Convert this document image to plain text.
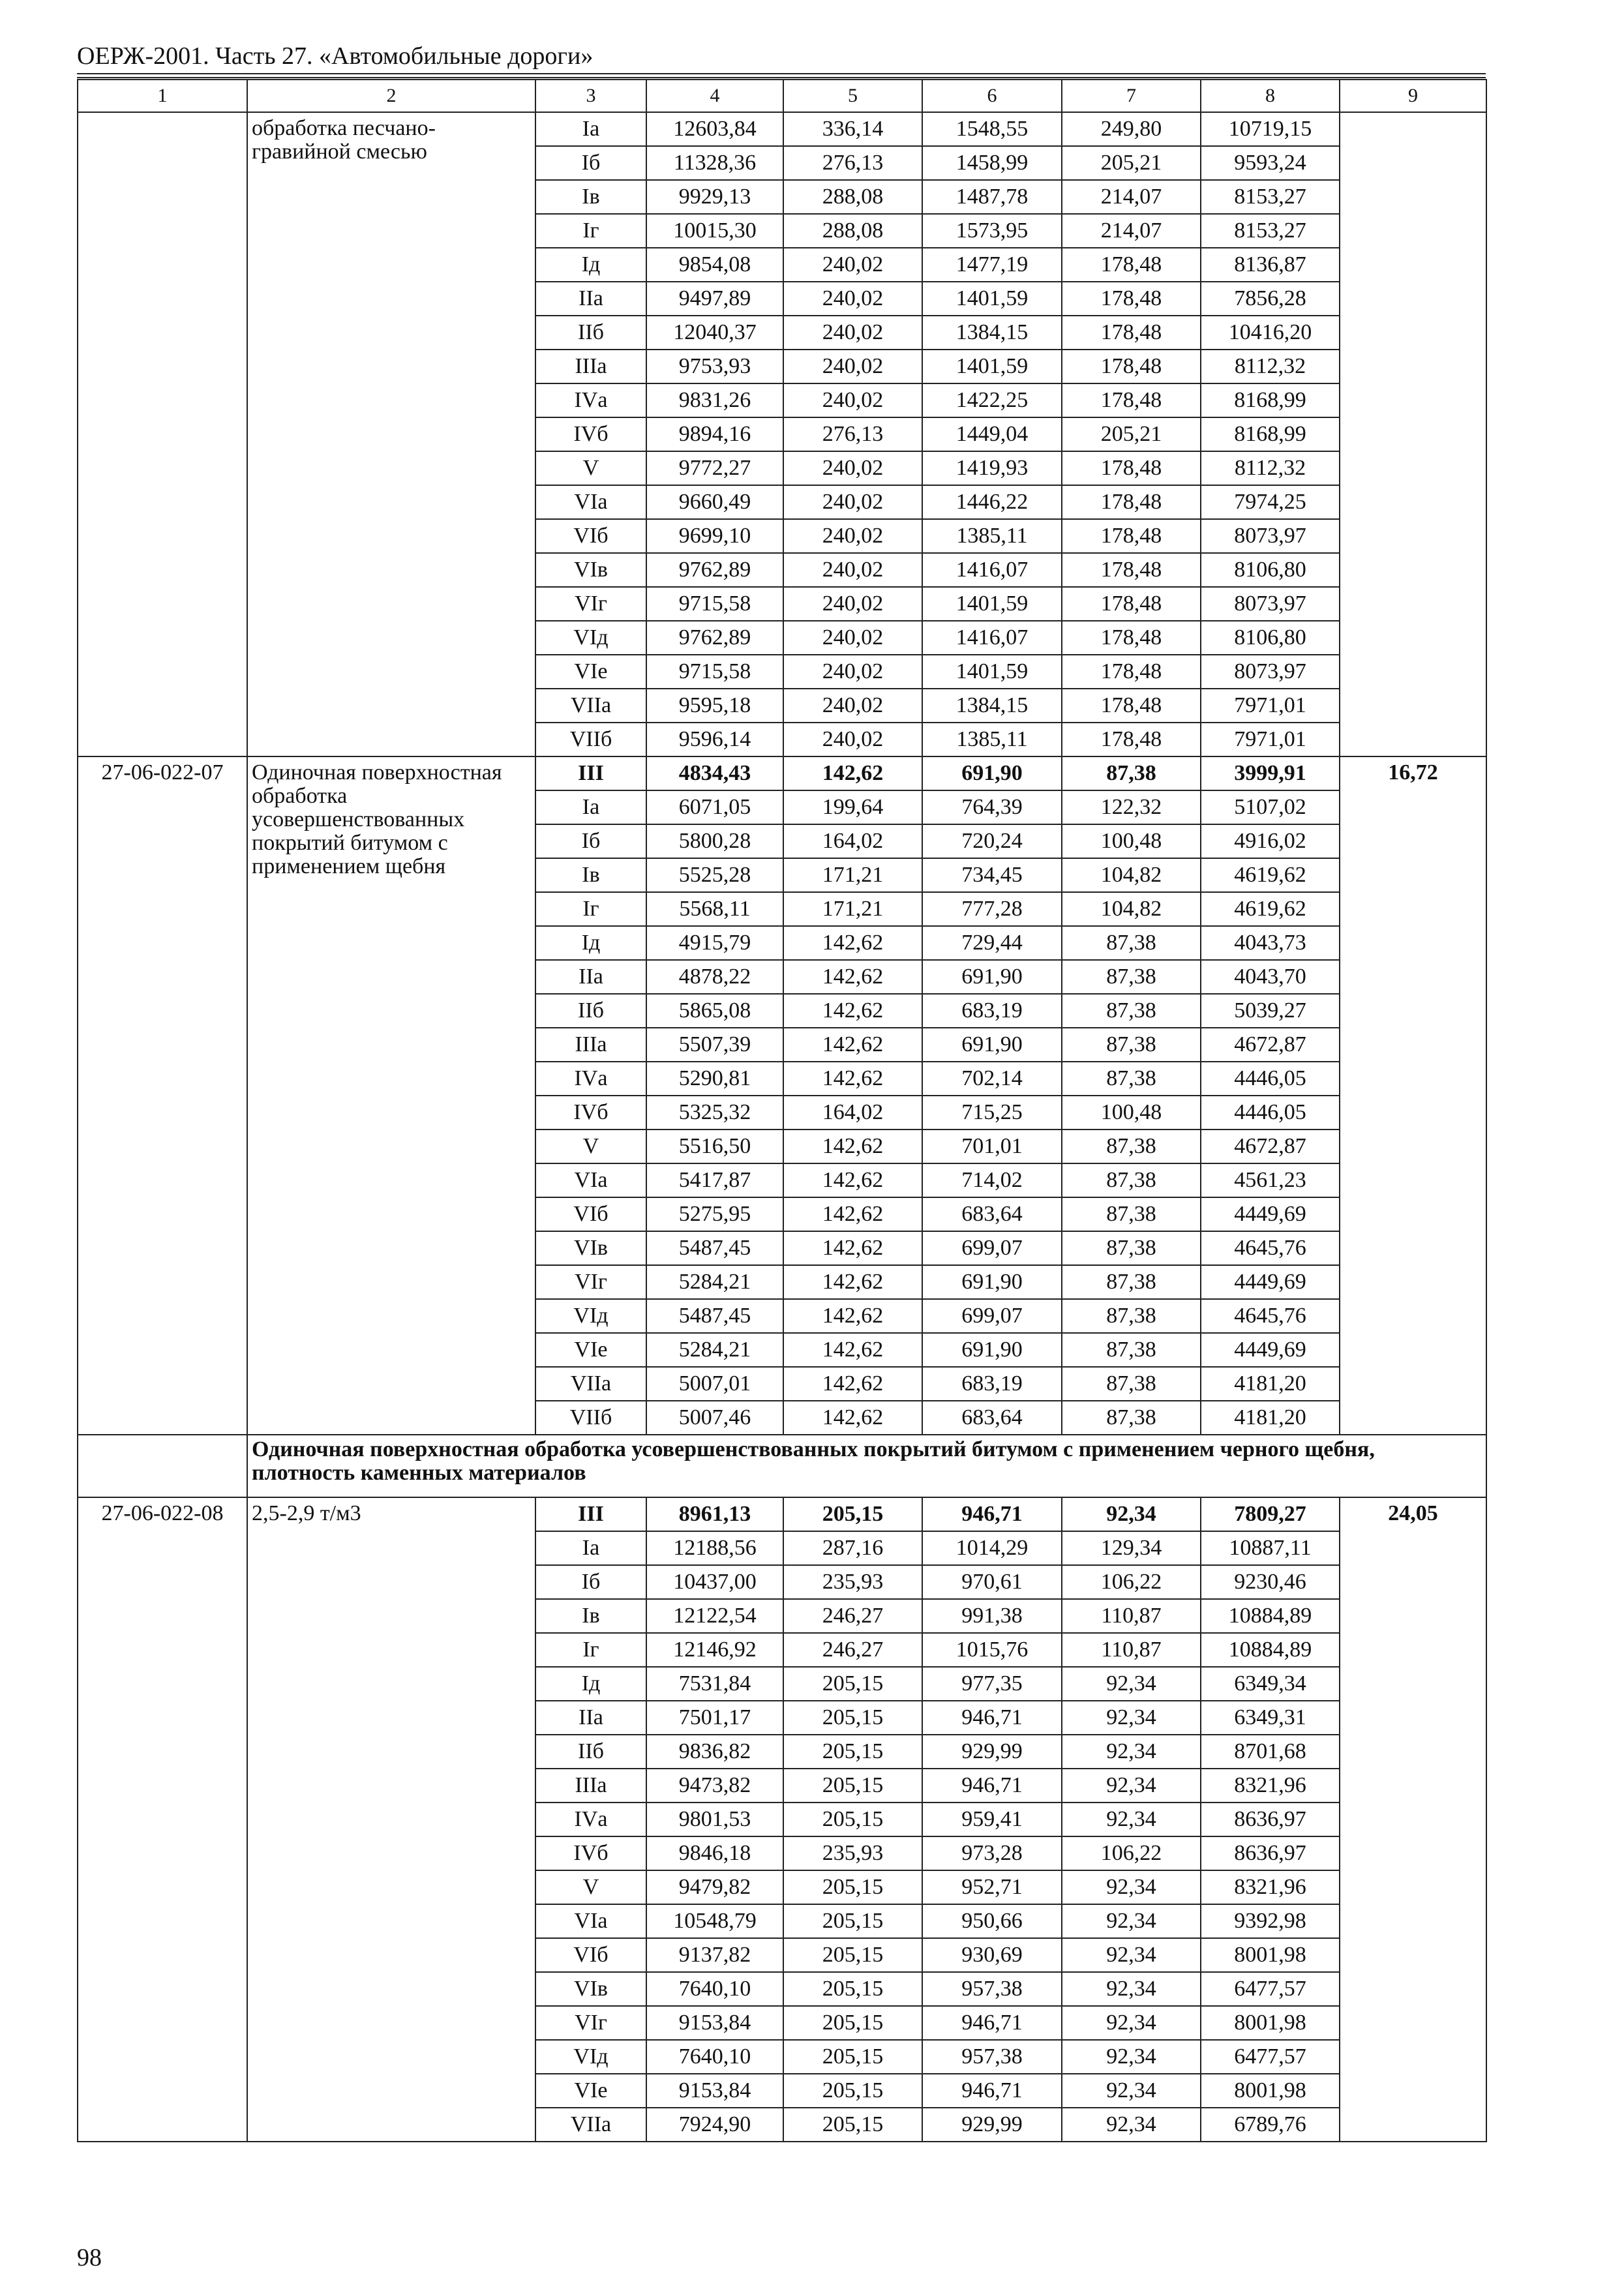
ОЕРЖ-2001. Часть 27. «Автомобильные дороги»
1	2	3	4	5	6	7	8	9
	обработка песчано-гравийной смесью	Iа	12603,84	336,14	1548,55	249,80	10719,15	
		Iб	11328,36	276,13	1458,99	205,21	9593,24	
		Iв	9929,13	288,08	1487,78	214,07	8153,27	
		Iг	10015,30	288,08	1573,95	214,07	8153,27	
		Iд	9854,08	240,02	1477,19	178,48	8136,87	
		IIа	9497,89	240,02	1401,59	178,48	7856,28	
		IIб	12040,37	240,02	1384,15	178,48	10416,20	
		IIIа	9753,93	240,02	1401,59	178,48	8112,32	
		IVа	9831,26	240,02	1422,25	178,48	8168,99	
		IVб	9894,16	276,13	1449,04	205,21	8168,99	
		V	9772,27	240,02	1419,93	178,48	8112,32	
		VIа	9660,49	240,02	1446,22	178,48	7974,25	
		VIб	9699,10	240,02	1385,11	178,48	8073,97	
		VIв	9762,89	240,02	1416,07	178,48	8106,80	
		VIг	9715,58	240,02	1401,59	178,48	8073,97	
		VIд	9762,89	240,02	1416,07	178,48	8106,80	
		VIе	9715,58	240,02	1401,59	178,48	8073,97	
		VIIа	9595,18	240,02	1384,15	178,48	7971,01	
		VIIб	9596,14	240,02	1385,11	178,48	7971,01	
27-06-022-07	Одиночная поверхностная обработка усовершенствованных покрытий битумом с применением щебня	III	4834,43	142,62	691,90	87,38	3999,91	16,72
		Iа	6071,05	199,64	764,39	122,32	5107,02	
		Iб	5800,28	164,02	720,24	100,48	4916,02	
		Iв	5525,28	171,21	734,45	104,82	4619,62	
		Iг	5568,11	171,21	777,28	104,82	4619,62	
		Iд	4915,79	142,62	729,44	87,38	4043,73	
		IIа	4878,22	142,62	691,90	87,38	4043,70	
		IIб	5865,08	142,62	683,19	87,38	5039,27	
		IIIа	5507,39	142,62	691,90	87,38	4672,87	
		IVа	5290,81	142,62	702,14	87,38	4446,05	
		IVб	5325,32	164,02	715,25	100,48	4446,05	
		V	5516,50	142,62	701,01	87,38	4672,87	
		VIа	5417,87	142,62	714,02	87,38	4561,23	
		VIб	5275,95	142,62	683,64	87,38	4449,69	
		VIв	5487,45	142,62	699,07	87,38	4645,76	
		VIг	5284,21	142,62	691,90	87,38	4449,69	
		VIд	5487,45	142,62	699,07	87,38	4645,76	
		VIе	5284,21	142,62	691,90	87,38	4449,69	
		VIIа	5007,01	142,62	683,19	87,38	4181,20	
		VIIб	5007,46	142,62	683,64	87,38	4181,20	
	Одиночная поверхностная обработка усовершенствованных покрытий битумом с применением черного щебня, плотность каменных материалов							
27-06-022-08	2,5-2,9 т/м3	III	8961,13	205,15	946,71	92,34	7809,27	24,05
		Iа	12188,56	287,16	1014,29	129,34	10887,11	
		Iб	10437,00	235,93	970,61	106,22	9230,46	
		Iв	12122,54	246,27	991,38	110,87	10884,89	
		Iг	12146,92	246,27	1015,76	110,87	10884,89	
		Iд	7531,84	205,15	977,35	92,34	6349,34	
		IIа	7501,17	205,15	946,71	92,34	6349,31	
		IIб	9836,82	205,15	929,99	92,34	8701,68	
		IIIа	9473,82	205,15	946,71	92,34	8321,96	
		IVа	9801,53	205,15	959,41	92,34	8636,97	
		IVб	9846,18	235,93	973,28	106,22	8636,97	
		V	9479,82	205,15	952,71	92,34	8321,96	
		VIа	10548,79	205,15	950,66	92,34	9392,98	
		VIб	9137,82	205,15	930,69	92,34	8001,98	
		VIв	7640,10	205,15	957,38	92,34	6477,57	
		VIг	9153,84	205,15	946,71	92,34	8001,98	
		VIд	7640,10	205,15	957,38	92,34	6477,57	
		VIе	9153,84	205,15	946,71	92,34	8001,98	
		VIIа	7924,90	205,15	929,99	92,34	6789,76	
98
